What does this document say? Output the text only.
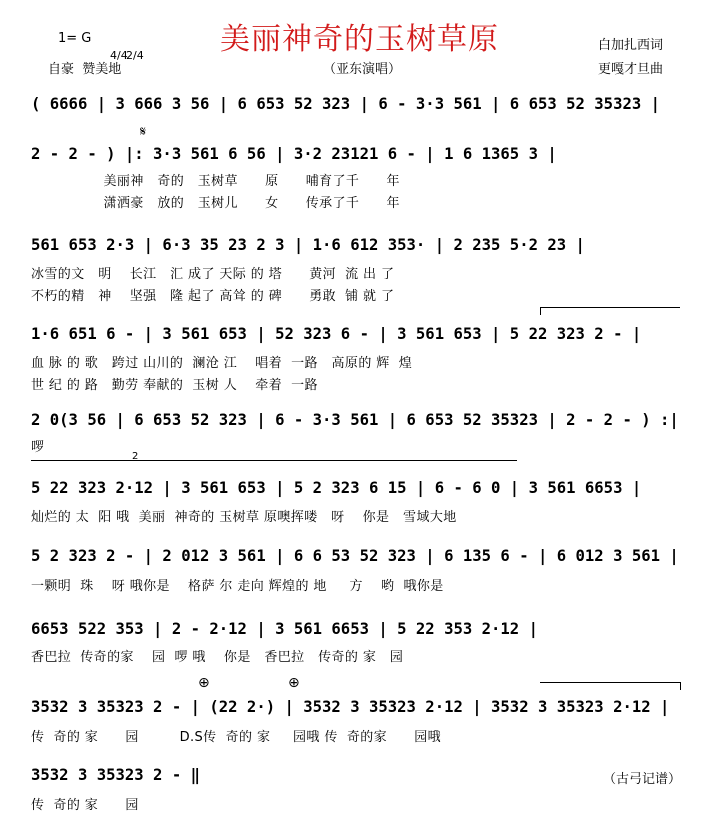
1= G

4/4

2/4	美丽神奇的玉树草原	白加扎西词
自豪  赞美地	（亚东演唱）	更嘎才旦曲
𝄋
⊕	⊕
2
( 6666 | 3 666 3 56 | 6 653 52 323 | 6 - 3·3 561 | 6 653 52 35323 |
2 - 2 - ) |: 3·3 561 6 56 | 3·2 23121 6 - | 1 6 1365 3 |
美丽神   奇的   玉树草      原      哺育了千      年
潇洒豪   放的   玉树儿      女      传承了千      年
561 653 2·3 | 6·3 35 23 2 3 | 1·6 612 353· | 2 235 5·2 23 |
冰雪的文   明    长江   汇 成了 天际 的 塔      黄河  流 出 了
不朽的精   神    坚强   隆 起了 高耸 的 碑      勇敢  铺 就 了
1·6 651 6 - | 3 561 653 | 52 323 6 - | 3 561 653 | 5 22 323 2 - |
血 脉 的 歌   跨过 山川的  澜沧 江    唱着  一路   高原的 辉  煌
世 纪 的 路   勤劳 奉献的  玉树 人    牵着  一路
2 0(3 56 | 6 653 52 323 | 6 - 3·3 561 | 6 653 52 35323 | 2 - 2 - ) :|
啰
5 22 323 2·12 | 3 561 653 | 5 2 323 6 15 | 6 - 6 0 | 3 561 6653 |
灿烂的 太  阳 哦  美丽  神奇的 玉树草 原噢挥喽   呀    你是   雪域大地
5 2 323 2 - | 2 012 3 561 | 6 6 53 52 323 | 6 135 6 - | 6 012 3 561 |
一颗明  珠    呀 哦你是    格萨 尔 走向 辉煌的 地     方    哟  哦你是
6653 522 353 | 2 - 2·12 | 3 561 6653 | 5 22 353 2·12 |
香巴拉  传奇的家    园  啰 哦    你是   香巴拉   传奇的 家   园
3532 3 35323 2 - | (22 2·) | 3532 3 35323 2·12 | 3532 3 35323 2·12 |
传  奇的 家      园         D.S传  奇的 家     园哦 传  奇的家      园哦
3532 3 35323 2 - ‖
传  奇的 家      园
（古弓记谱）
